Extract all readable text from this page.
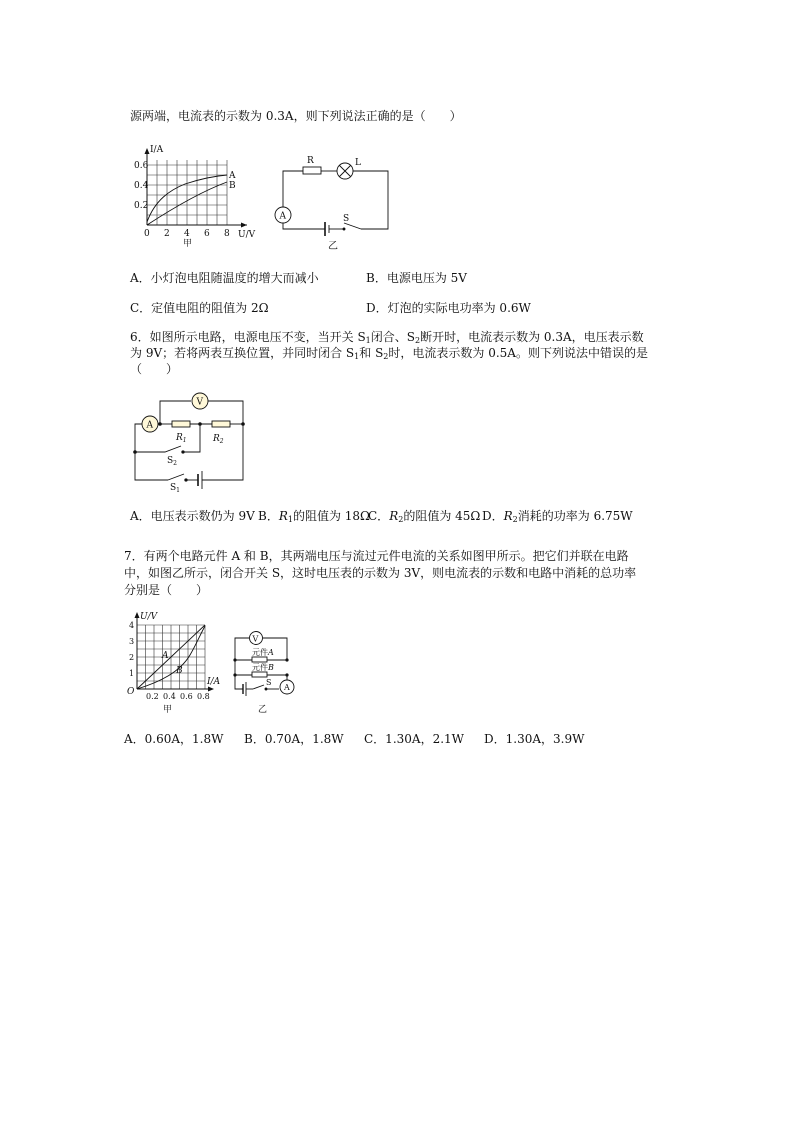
源两端，电流表的示数为 0.3A，则下列说法正确的是（　　）
I/A
U/V
0.6
0.4
0.2
0 2 4 6 8
A
B
甲
R	L
A	S
乙
A．小灯泡电阻随温度的增大而减小	B．电源电压为 5V
C．定值电阻的阻值为 2Ω	D．灯泡的实际电功率为 0.6W
6．如图所示电路，电源电压不变，当开关 $S_1$闭合、$S_2$断开时，电流表示数为 0.3A，电压表示数
为 9V；若将两表互换位置，并同时闭合 $S_1$和 $S_2$时，电流表示数为 0.5A。则下列说法中错误的是
（　　）
V
A
$R_1$	$R_2$
$S_2$
$S_1$
A．电压表示数仍为 9V B．$R_1$的阻值为 18Ω
C．$R_2$的阻值为 45Ω D．$R_2$消耗的功率为 6.75W
7．有两个电路元件 A 和 B，其两端电压与流过元件电流的关系如图甲所示。把它们并联在电路
中，如图乙所示，闭合开关 S，这时电压表的示数为 3V，则电流表的示数和电路中消耗的总功率
分别是（　　）
U/V
I/A
O
4
3
2
1
0.2 0.4 0.6 0.8
A
B
甲
V
元件A
元件B
S
A
乙
A．0.60A，1.8W B．0.70A，1.8W C．1.30A，2.1W D．1.30A，3.9W
